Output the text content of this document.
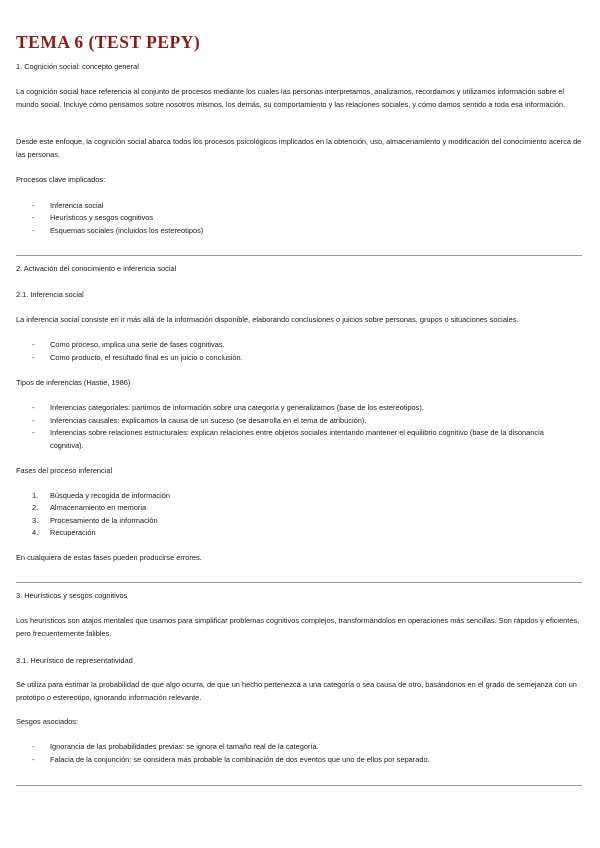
TEMA 6 (TEST PEPY)
1. Cognición social: concepto general
La cognición social hace referencia al conjunto de procesos mediante los cuales las personas interpretamos, analizamos, recordamos y utilizamos información sobre el mundo social. Incluye cómo pensamos sobre nosotros mismos, los demás, su comportamiento y las relaciones sociales, y cómo damos sentido a toda esa información.
Desde este enfoque, la cognición social abarca todos los procesos psicológicos implicados en la obtención, uso, almacenamiento y modificación del conocimiento acerca de las personas.
Procesos clave implicados:
- Inferencia social
- Heurísticos y sesgos cognitivos
- Esquemas sociales (incluidos los estereotipos)
2. Activación del conocimiento e inferencia social
2.1. Inferencia social
La inferencia social consiste en ir más allá de la información disponible, elaborando conclusiones o juicios sobre personas, grupos o situaciones sociales.
- Como proceso, implica una serie de fases cognitivas.
- Como producto, el resultado final es un juicio o conclusión.
Tipos de inferencias (Hastie, 1986)
- Inferencias categoriales: partimos de información sobre una categoría y generalizamos (base de los estereotipos).
- Inferencias causales: explicamos la causa de un suceso (se desarrolla en el tema de atribución).
- Inferencias sobre relaciones estructurales: explican relaciones entre objetos sociales intentando mantener el equilibrio cognitivo (base de la disonancia cognitiva).
Fases del proceso inferencial
1. Búsqueda y recogida de información
2. Almacenamiento en memoria
3. Procesamiento de la información
4. Recuperación
En cualquiera de estas fases pueden producirse errores.
3. Heurísticos y sesgos cognitivos
Los heurísticos son atajos mentales que usamos para simplificar problemas cognitivos complejos, transformándolos en operaciones más sencillas. Son rápidos y eficientes, pero frecuentemente falibles.
3.1. Heurístico de representatividad
Se utiliza para estimar la probabilidad de que algo ocurra, de que un hecho pertenezca a una categoría o sea causa de otro, basándonos en el grado de semejanza con un prototipo o estereotipo, ignorando información relevante.
Sesgos asociados:
- Ignorancia de las probabilidades previas: se ignora el tamaño real de la categoría.
- Falacia de la conjunción: se considera más probable la combinación de dos eventos que uno de ellos por separado.
